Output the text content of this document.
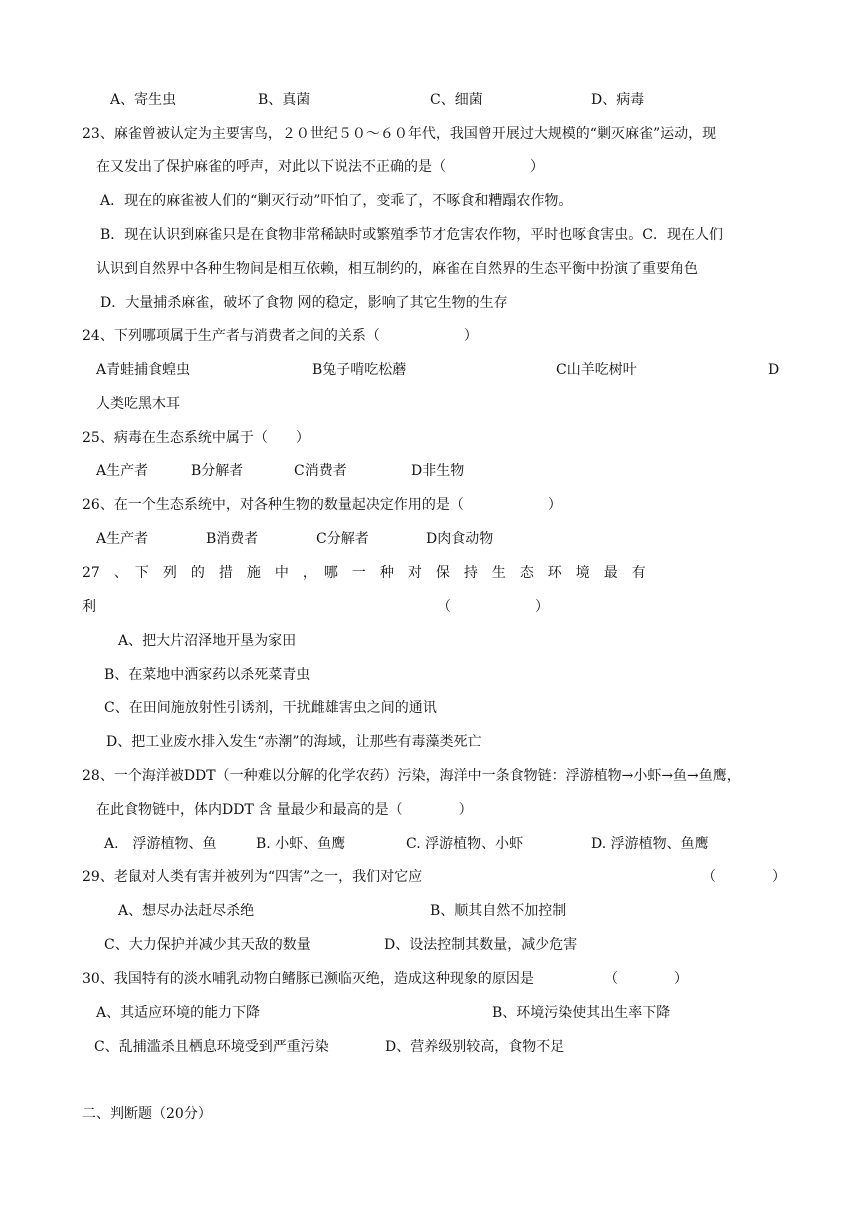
A、寄生虫	B、真菌	C、细菌	D、病毒
23、麻雀曾被认定为主要害鸟，２０世纪５０～６０年代，我国曾开展过大规模的“剿灭麻雀”运动，现
在又发出了保护麻雀的呼声，对此以下说法不正确的是（　　　　　　）
A．现在的麻雀被人们的“剿灭行动”吓怕了，变乖了，不啄食和糟蹋农作物。
B．现在认识到麻雀只是在食物非常稀缺时或繁殖季节才危害农作物，平时也啄食害虫。C．现在人们
认识到自然界中各种生物间是相互依赖，相互制约的，麻雀在自然界的生态平衡中扮演了重要角色
D．大量捕杀麻雀，破坏了食物 网的稳定，影响了其它生物的生存
24、下列哪项属于生产者与消费者之间的关系（　　　　　　）
A青蛙捕食蝗虫	B兔子啃吃松蘑	C山羊吃树叶	D
人类吃黑木耳
25、病毒在生态系统中属于（　　）
A生产者	B分解者	C消费者	D非生物
26、在一个生态系统中，对各种生物的数量起决定作用的是（　　　　　　）
A生产者	B消费者	C分解者	D肉食动物
27　、　下　列　的　措　施　中　，　哪　一　种　对　保　持　生　态　环　境　最　有
利	（　　　　　　）
A、把大片沼泽地开垦为家田
B、在菜地中洒家药以杀死菜青虫
C、在田间施放射性引诱剂，干扰雌雄害虫之间的通讯
D、把工业废水排入发生“赤潮”的海域，让那些有毒藻类死亡
28、一个海洋被DDT（一种难以分解的化学农药）污染，海洋中一条食物链：浮游植物→小虾→鱼→鱼鹰，
在此食物链中，体内DDT 含 量最少和最高的是（　　　　）
A.　浮游植物、鱼	B. 小虾、鱼鹰	C. 浮游植物、小虾	D. 浮游植物、鱼鹰
29、老鼠对人类有害并被列为“四害”之一，我们对它应	（　　　　）
A、想尽办法赶尽杀绝	B、顺其自然不加控制
C、大力保护并减少其天敌的数量	D、设法控制其数量，减少危害
30、我国特有的淡水哺乳动物白鳍豚已濒临灭绝，造成这种现象的原因是	（　　　　）
A、其适应环境的能力下降	B、环境污染使其出生率下降
C、乱捕滥杀且栖息环境受到严重污染	D、营养级别较高，食物不足
二、判断题（20分）
